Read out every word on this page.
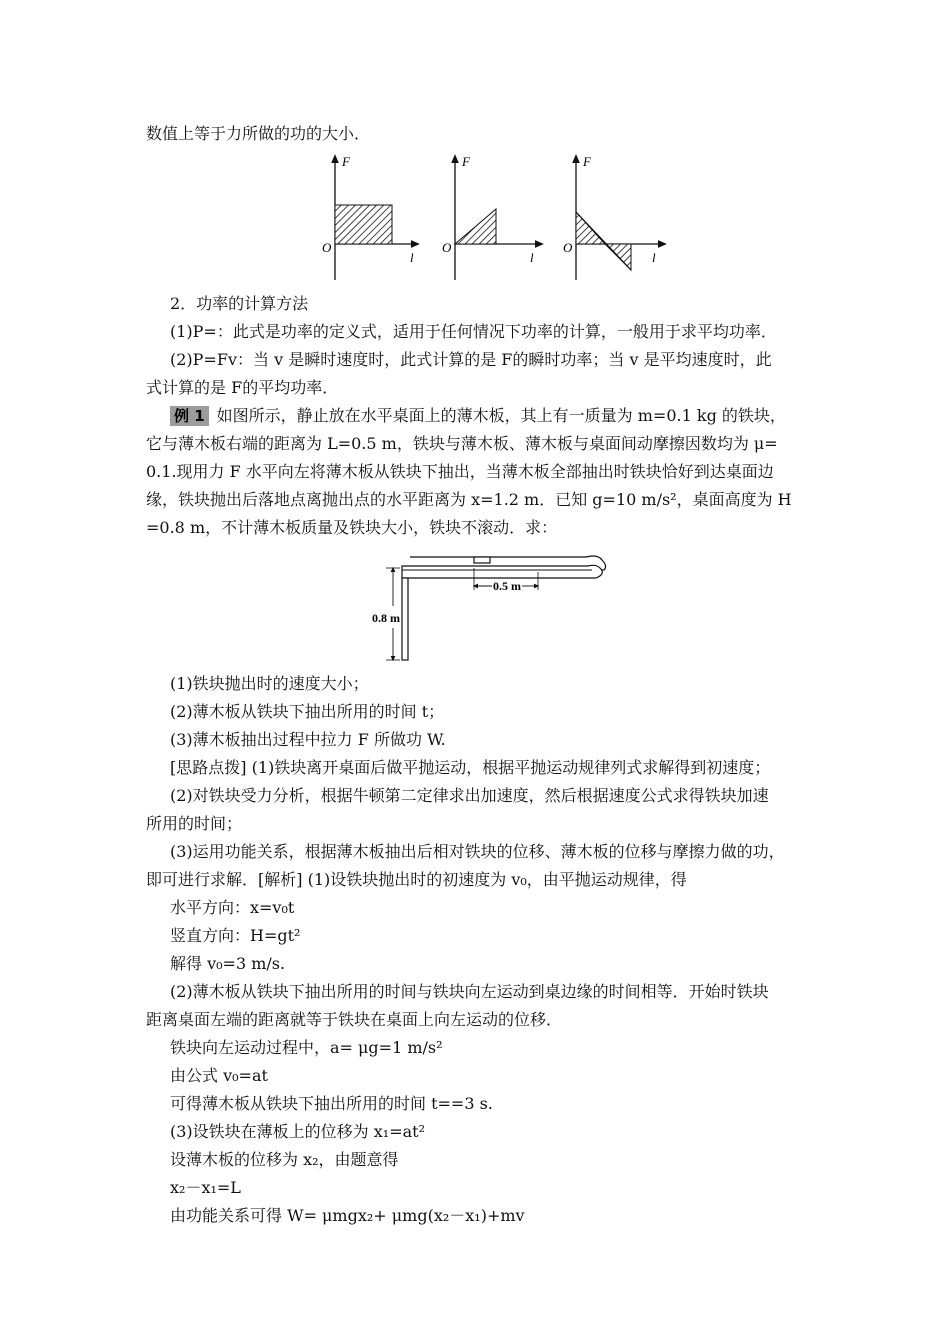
数值上等于力所做的功的大小．
F
O
l
F
O
l
F
O
l
2．功率的计算方法
(1)P=：此式是功率的定义式，适用于任何情况下功率的计算，一般用于求平均功率．
(2)P=Fv：当 v 是瞬时速度时，此式计算的是 F的瞬时功率；当 v 是平均速度时，此
式计算的是 F的平均功率．
例 1 如图所示，静止放在水平桌面上的薄木板，其上有一质量为 m=0.1 kg 的铁块，
它与薄木板右端的距离为 L=0.5 m，铁块与薄木板、薄木板与桌面间动摩擦因数均为 μ=
0.1.现用力 F 水平向左将薄木板从铁块下抽出，当薄木板全部抽出时铁块恰好到达桌面边
缘，铁块抛出后落地点离抛出点的水平距离为 x=1.2 m．已知 g=10 m/s²，桌面高度为 H
=0.8 m，不计薄木板质量及铁块大小，铁块不滚动．求：
0.5 m
0.8 m
(1)铁块抛出时的速度大小；
(2)薄木板从铁块下抽出所用的时间 t；
(3)薄木板抽出过程中拉力 F 所做功 W.
[思路点拨] (1)铁块离开桌面后做平抛运动，根据平抛运动规律列式求解得到初速度；
(2)对铁块受力分析，根据牛顿第二定律求出加速度，然后根据速度公式求得铁块加速
所用的时间；
(3)运用功能关系，根据薄木板抽出后相对铁块的位移、薄木板的位移与摩擦力做的功，
即可进行求解．[解析] (1)设铁块抛出时的初速度为 v₀，由平抛运动规律，得
水平方向：x=v₀t
竖直方向：H=gt²
解得 v₀=3 m/s.
(2)薄木板从铁块下抽出所用的时间与铁块向左运动到桌边缘的时间相等．开始时铁块
距离桌面左端的距离就等于铁块在桌面上向左运动的位移．
铁块向左运动过程中，a= μg=1 m/s²
由公式 v₀=at
可得薄木板从铁块下抽出所用的时间 t==3 s.
(3)设铁块在薄板上的位移为 x₁=at²
设薄木板的位移为 x₂，由题意得
x₂－x₁=L
由功能关系可得 W= μmgx₂+ μmg(x₂－x₁)+mv
